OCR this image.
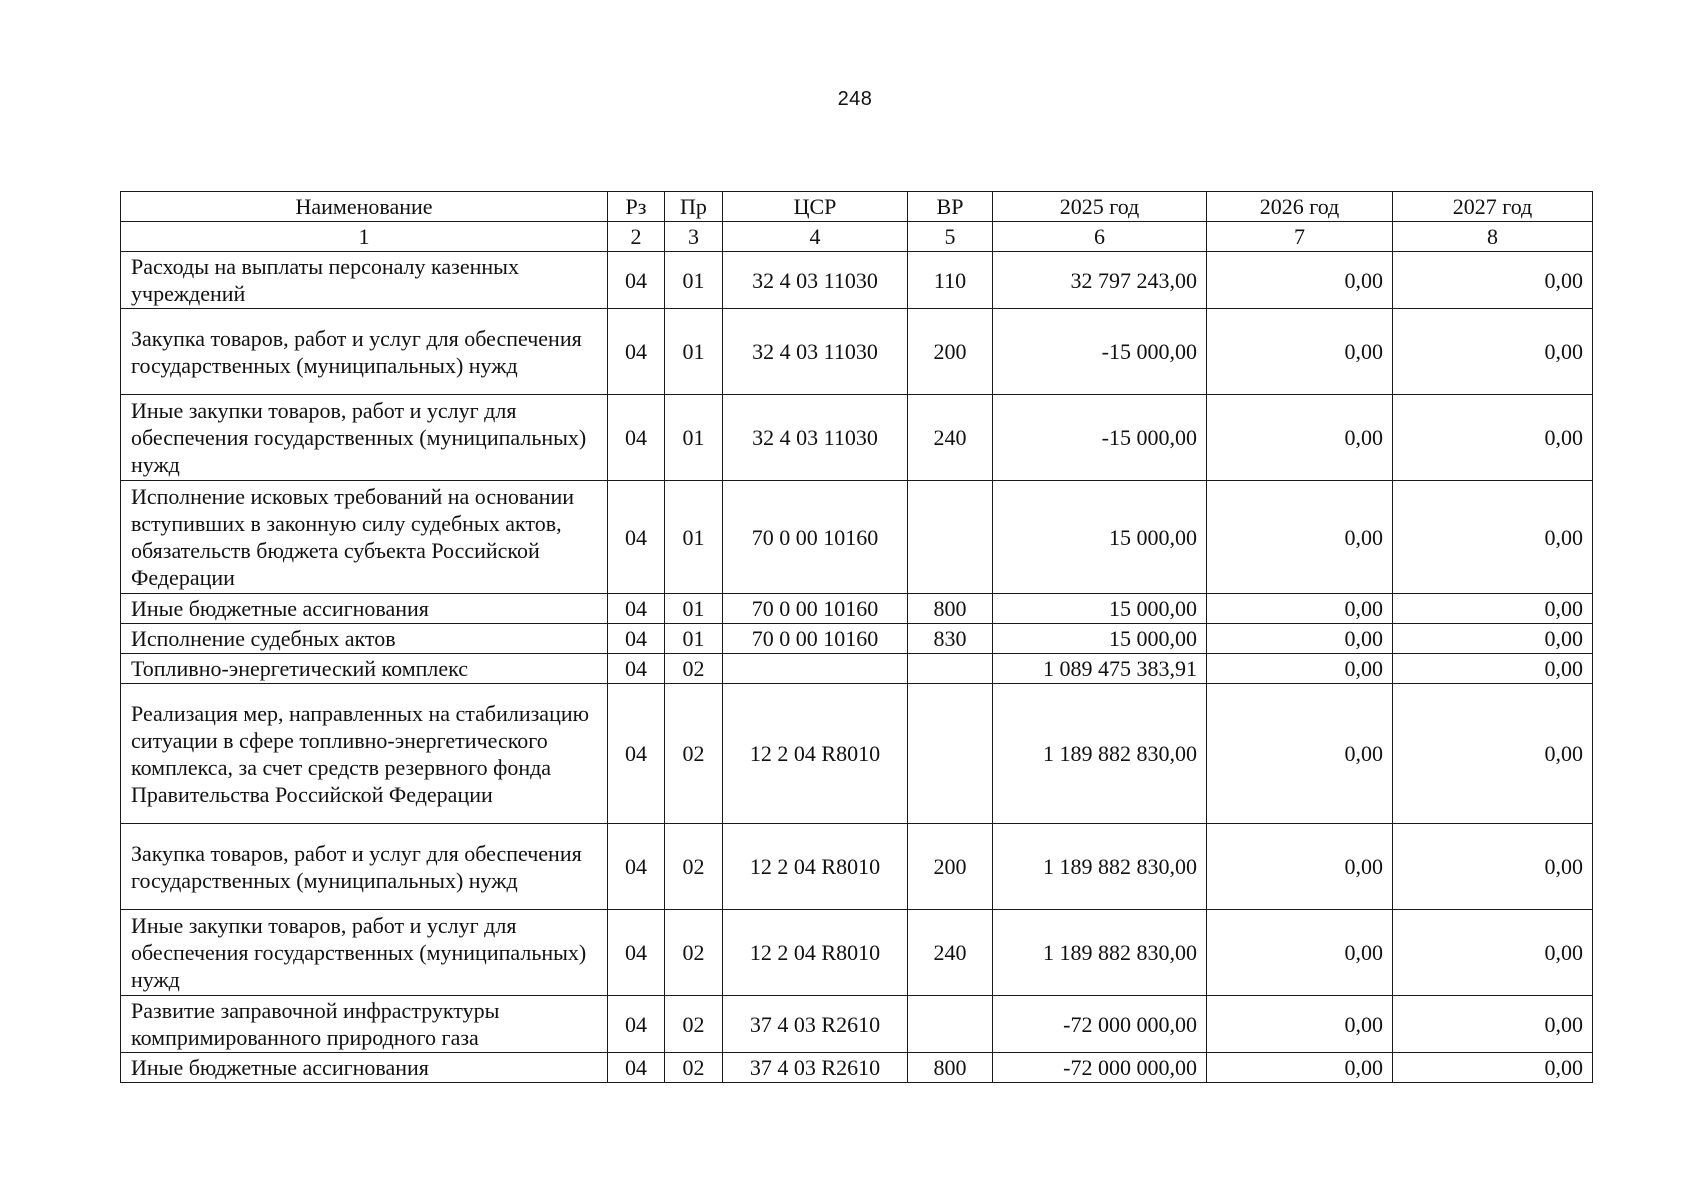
248
Наименование	Рз	Пр	ЦСР	ВР	2025 год	2026 год	2027 год
1	2	3	4	5	6	7	8
Расходы на выплаты персоналу казенных учреждений	04	01	32 4 03 11030	110	32 797 243,00	0,00	0,00
Закупка товаров, работ и услуг для обеспечения государственных (муниципальных) нужд	04	01	32 4 03 11030	200	-15 000,00	0,00	0,00
Иные закупки товаров, работ и услуг для обеспечения государственных (муниципальных) нужд	04	01	32 4 03 11030	240	-15 000,00	0,00	0,00
Исполнение исковых требований на основании вступивших в законную силу судебных актов, обязательств бюджета субъекта Российской Федерации	04	01	70 0 00 10160		15 000,00	0,00	0,00
Иные бюджетные ассигнования	04	01	70 0 00 10160	800	15 000,00	0,00	0,00
Исполнение судебных актов	04	01	70 0 00 10160	830	15 000,00	0,00	0,00
Топливно-энергетический комплекс	04	02			1 089 475 383,91	0,00	0,00
Реализация мер, направленных на стабилизацию ситуации в сфере топливно-энергетического комплекса, за счет средств резервного фонда Правительства Российской Федерации	04	02	12 2 04 R8010		1 189 882 830,00	0,00	0,00
Закупка товаров, работ и услуг для обеспечения государственных (муниципальных) нужд	04	02	12 2 04 R8010	200	1 189 882 830,00	0,00	0,00
Иные закупки товаров, работ и услуг для обеспечения государственных (муниципальных) нужд	04	02	12 2 04 R8010	240	1 189 882 830,00	0,00	0,00
Развитие заправочной инфраструктуры компримированного природного газа	04	02	37 4 03 R2610		-72 000 000,00	0,00	0,00
Иные бюджетные ассигнования	04	02	37 4 03 R2610	800	-72 000 000,00	0,00	0,00
